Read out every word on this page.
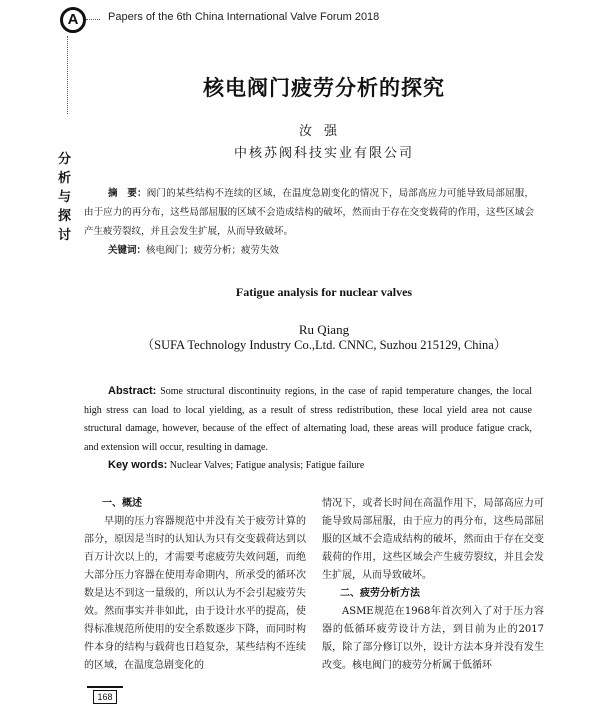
A	Papers of the 6th China International Valve Forum 2018
分
析
与
探
讨
核电阀门疲劳分析的探究
汝强
中核苏阀科技实业有限公司
摘　要：阀门的某些结构不连续的区域，在温度急剧变化的情况下，局部高应力可能导致局部屈服，由于应力的再分布，这些局部屈服的区域不会造成结构的破坏，然而由于存在交变载荷的作用，这些区域会产生疲劳裂纹，并且会发生扩展，从而导致破坏。
关键词：核电阀门；疲劳分析；疲劳失效
Fatigue analysis for nuclear valves
Ru Qiang
（SUFA Technology Industry Co.,Ltd. CNNC, Suzhou 215129, China）
Abstract: Some structural discontinuity regions, in the case of rapid temperature changes, the local high stress can load to local yielding, as a result of stress redistribution, these local yield area not cause structural damage, however, because of the effect of alternating load, these areas will produce fatigue crack, and extension will occur, resulting in damage.
Key words: Nuclear Valves; Fatigue analysis; Fatigue failure
一、概述

早期的压力容器规范中并没有关于疲劳计算的部分，原因是当时的认知认为只有交变载荷达到以百万计次以上的，才需要考虑疲劳失效问题，而绝大部分压力容器在使用寿命期内，所承受的循环次数是达不到这一量级的，所以认为不会引起疲劳失效。然而事实并非如此，由于设计水平的提高，使得标准规范所使用的安全系数逐步下降，而同时构件本身的结构与载荷也日趋复杂，某些结构不连续的区域，在温度急剧变化的

情况下，或者长时间在高温作用下，局部高应力可能导致局部屈服，由于应力的再分布，这些局部屈服的区域不会造成结构的破坏，然而由于存在交变载荷的作用，这些区域会产生疲劳裂纹，并且会发生扩展，从而导致破坏。

二、疲劳分析方法

ASME规范在1968年首次列入了对于压力容器的低循环疲劳设计方法，到目前为止的2017版，除了部分修订以外，设计方法本身并没有发生改变。核电阀门的疲劳分析属于低循环

168
